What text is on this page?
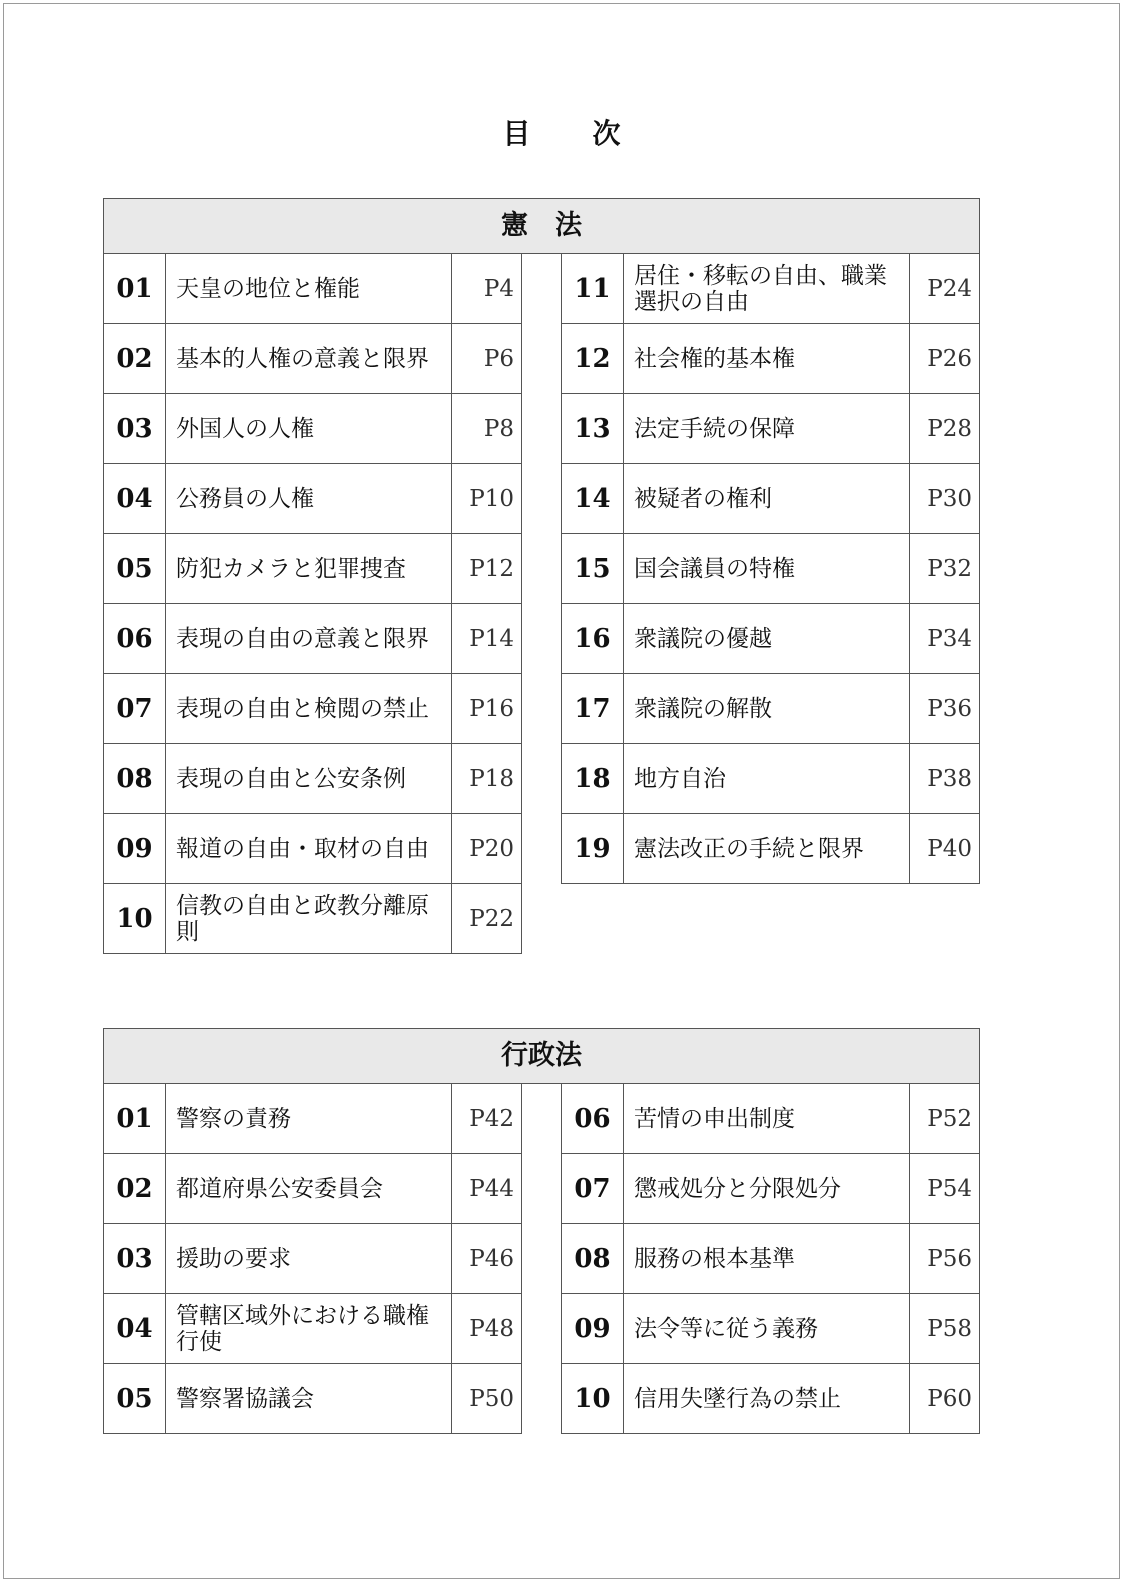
目　　次
憲　法
01	天皇の地位と権能	P4
02	基本的人権の意義と限界	P6
03	外国人の人権	P8
04	公務員の人権	P10
05	防犯カメラと犯罪捜査	P12
06	表現の自由の意義と限界	P14
07	表現の自由と検閲の禁止	P16
08	表現の自由と公安条例	P18
09	報道の自由・取材の自由	P20
10	信教の自由と政教分離原則	P22
11	居住・移転の自由、職業選択の自由	P24
12	社会権的基本権	P26
13	法定手続の保障	P28
14	被疑者の権利	P30
15	国会議員の特権	P32
16	衆議院の優越	P34
17	衆議院の解散	P36
18	地方自治	P38
19	憲法改正の手続と限界	P40
行政法
01	警察の責務	P42
02	都道府県公安委員会	P44
03	援助の要求	P46
04	管轄区域外における職権行使	P48
05	警察署協議会	P50
06	苦情の申出制度	P52
07	懲戒処分と分限処分	P54
08	服務の根本基準	P56
09	法令等に従う義務	P58
10	信用失墜行為の禁止	P60
